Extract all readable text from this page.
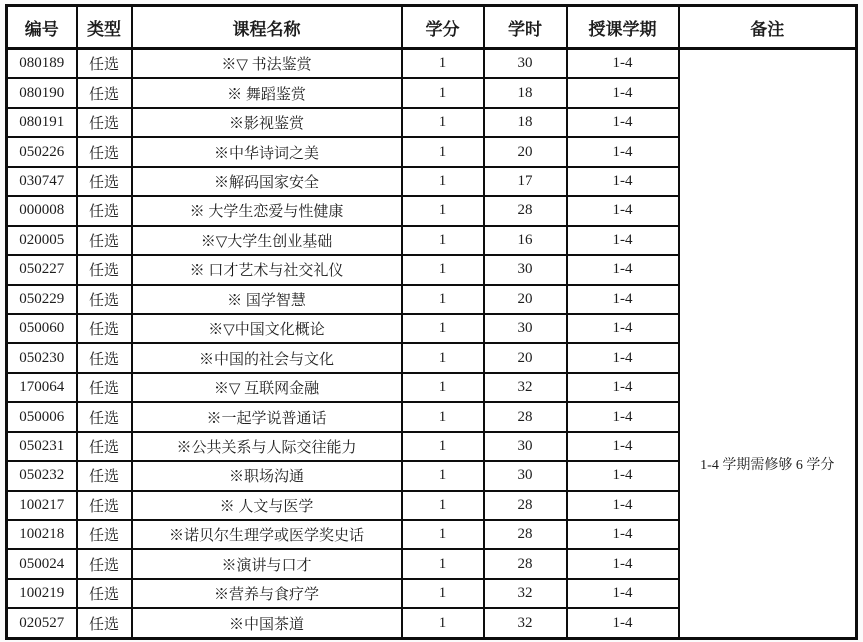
编号	类型	课程名称	学分	学时	授课学期	备注
080189	任选	※▽ 书法鉴赏	1	30	1-4	1-4 学期需修够 6 学分

080190	任选	※ 舞蹈鉴赏	1	18	1-4	
080191	任选	※影视鉴赏	1	18	1-4	
050226	任选	※中华诗词之美	1	20	1-4	
030747	任选	※解码国家安全	1	17	1-4	
000008	任选	※ 大学生恋爱与性健康	1	28	1-4	
020005	任选	※▽大学生创业基础	1	16	1-4	
050227	任选	※ 口才艺术与社交礼仪	1	30	1-4	
050229	任选	※ 国学智慧	1	20	1-4	
050060	任选	※▽中国文化概论	1	30	1-4	
050230	任选	※中国的社会与文化	1	20	1-4	
170064	任选	※▽ 互联网金融	1	32	1-4	
050006	任选	※一起学说普通话	1	28	1-4	
050231	任选	※公共关系与人际交往能力	1	30	1-4	
050232	任选	※职场沟通	1	30	1-4	
100217	任选	※ 人文与医学	1	28	1-4	
100218	任选	※诺贝尔生理学或医学奖史话	1	28	1-4	
050024	任选	※演讲与口才	1	28	1-4	
100219	任选	※营养与食疗学	1	32	1-4	
020527	任选	※中国茶道	1	32	1-4	
